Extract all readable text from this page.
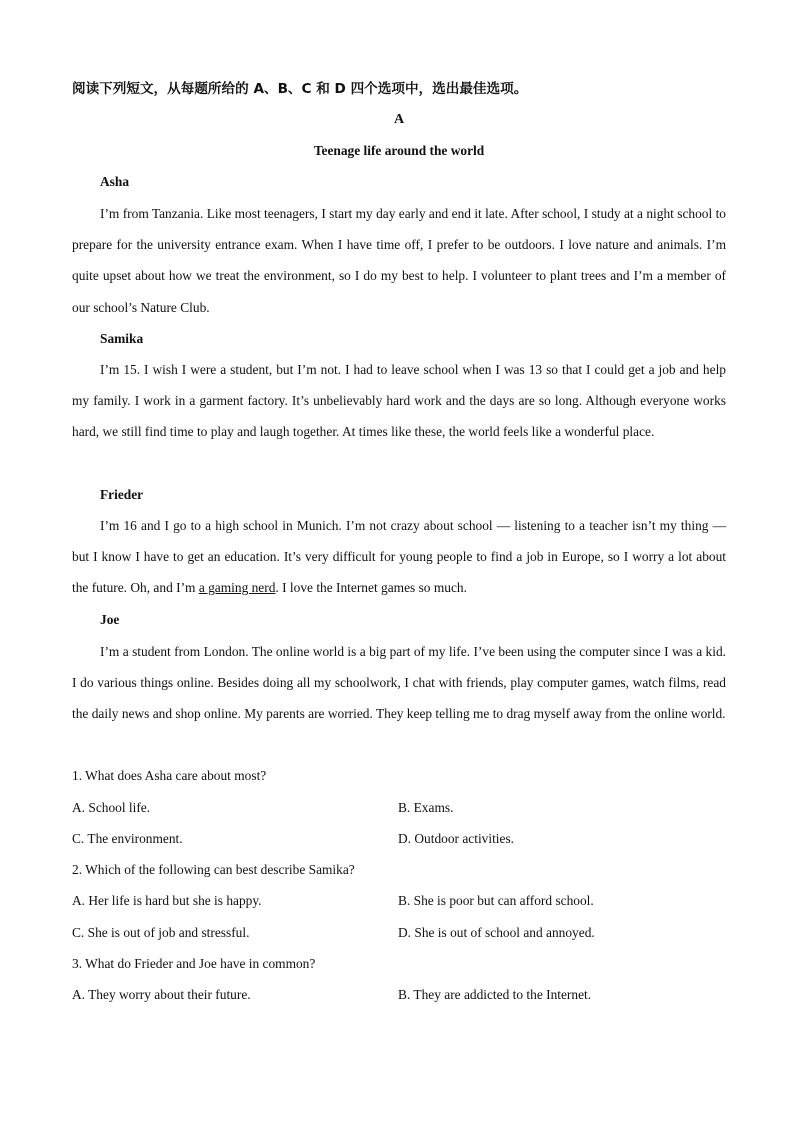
阅读下列短文，从每题所给的 A、B、C 和 D 四个选项中，选出最佳选项。
A
Teenage life around the world
Asha

I’m from Tanzania. Like most teenagers, I start my day early and end it late. After school, I study at a night school to prepare for the university entrance exam. When I have time off, I prefer to be outdoors. I love nature and animals. I’m quite upset about how we treat the environment, so I do my best to help. I volunteer to plant trees and I’m a member of our school’s Nature Club.

Samika

I’m 15. I wish I were a student, but I’m not. I had to leave school when I was 13 so that I could get a job and help my family. I work in a garment factory. It’s unbelievably hard work and the days are so long. Although everyone works hard, we still find time to play and laugh together. At times like these, the world feels like a wonderful place.

Frieder

I’m 16 and I go to a high school in Munich. I’m not crazy about school — listening to a teacher isn’t my thing — but I know I have to get an education. It’s very difficult for young people to find a job in Europe, so I worry a lot about the future. Oh, and I’m a gaming nerd. I love the Internet games so much.

Joe

I’m a student from London. The online world is a big part of my life. I’ve been using the computer since I was a kid. I do various things online. Besides doing all my schoolwork, I chat with friends, play computer games, watch films, read the daily news and shop online. My parents are worried. They keep telling me to drag myself away from the online world.

1. What does Asha care about most?
A. School life.	B. Exams.
C. The environment.	D. Outdoor activities.
2. Which of the following can best describe Samika?
A. Her life is hard but she is happy.	B. She is poor but can afford school.
C. She is out of job and stressful.	D. She is out of school and annoyed.
3. What do Frieder and Joe have in common?
A. They worry about their future.	B. They are addicted to the Internet.
